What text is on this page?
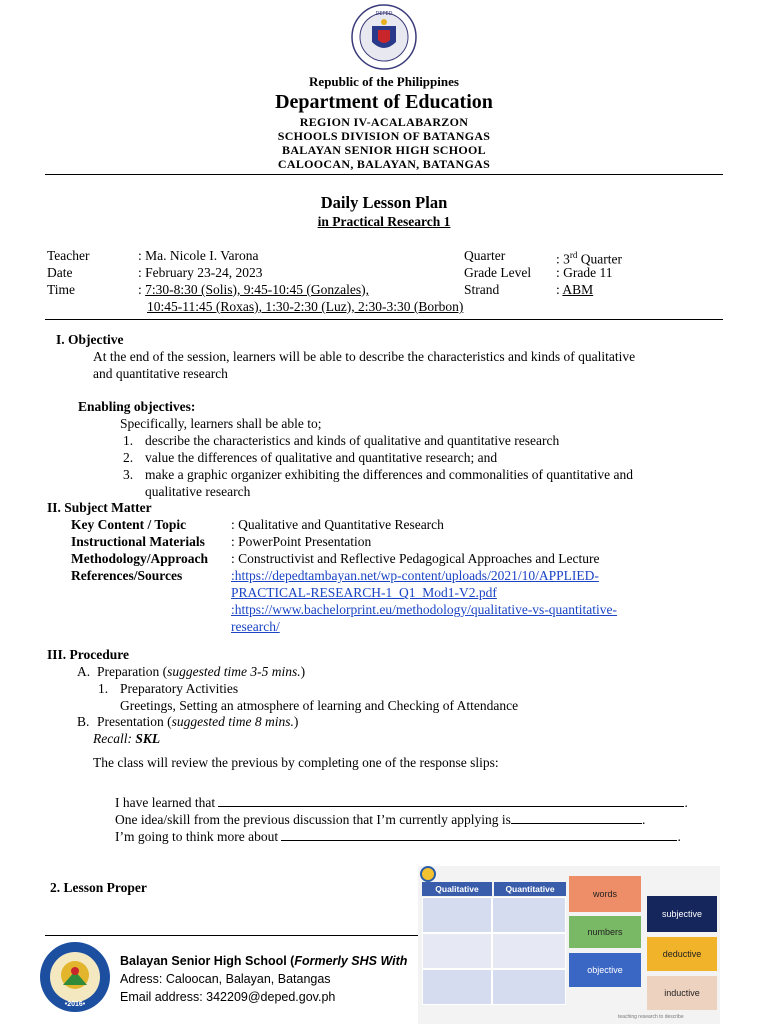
DEPED
Republic of the Philippines
Department of Education
REGION IV-ACALABARZON
SCHOOLS DIVISION OF BATANGAS
BALAYAN SENIOR HIGH SCHOOL
CALOOCAN, BALAYAN, BATANGAS
Daily Lesson Plan
in Practical Research 1
Teacher	: Ma. Nicole I. Varona
Date	: February 23-24, 2023
Time	: 7:30-8:30 (Solis), 9:45-10:45 (Gonzales),
10:45-11:45 (Roxas), 1:30-2:30 (Luz), 2:30-3:30 (Borbon)
Quarter	: 3rd Quarter
Grade Level : Grade 11
Strand	: ABM
I. Objective
At the end of the session, learners will be able to describe the characteristics and kinds of qualitative
and quantitative research
Enabling objectives:
Specifically, learners shall be able to;
1. describe the characteristics and kinds of qualitative and quantitative research
2. value the differences of qualitative and quantitative research; and
3. make a graphic organizer exhibiting the differences and commonalities of quantitative and
qualitative research
II. Subject Matter
Key Content / Topic	: Qualitative and Quantitative Research
Instructional Materials : PowerPoint Presentation
Methodology/Approach : Constructivist and Reflective Pedagogical Approaches and Lecture
References/Sources	:https://depedtambayan.net/wp-content/uploads/2021/10/APPLIED-
PRACTICAL-RESEARCH-1_Q1_Mod1-V2.pdf
:https://www.bachelorprint.eu/methodology/qualitative-vs-quantitative-
research/
III. Procedure
A. Preparation (suggested time 3-5 mins.)
1. Preparatory Activities
Greetings, Setting an atmosphere of learning and Checking of Attendance
B. Presentation (suggested time 8 mins.)
Recall: SKL
The class will review the previous by completing one of the response slips:
I have learned that	.
One idea/skill from the previous discussion that I’m currently applying is	.
I’m going to think more about	.
2. Lesson Proper
•2016•
Balayan Senior High School (Formerly SHS With
Adress: Caloocan, Balayan, Batangas
Email address: 342209@deped.gov.ph
Qualitative	Quantitative	words
numbers
objective
subjective
deductive
inductive
teaching research to describe
